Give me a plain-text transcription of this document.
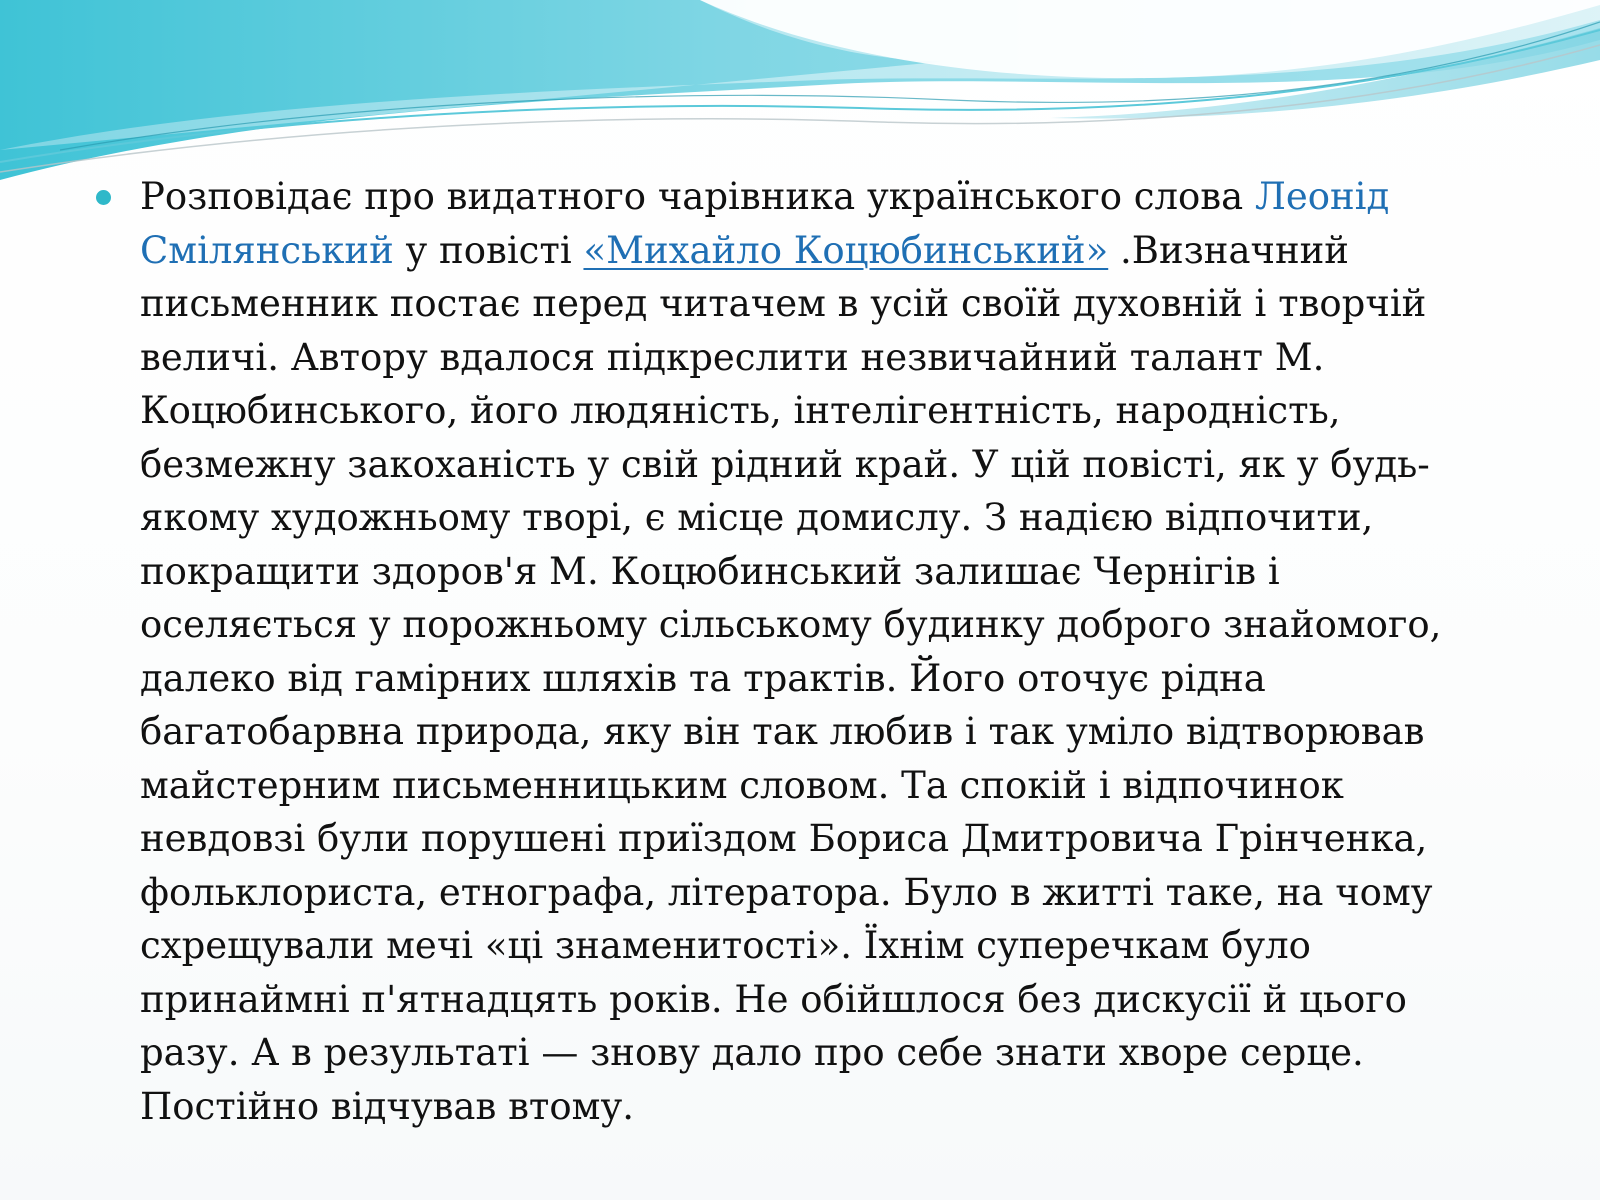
Розповідає про видатного чарівника українського слова Леонід Смілянський у повісті «Михайло Коцюбинський» .Визначний письменник постає перед читачем в усій своїй духовній і творчій величі. Автору вдалося підкреслити незвичайний талант М. Коцюбинського, його людяність, інтелігентність, народність, безмежну закоханість у свій рідний край. У цій повісті, як у будь-якому художньому творі, є місце домислу. З надією відпочити, покращити здоров'я М. Коцюбинський залишає Чернігів і оселяється у порожньому сільському будинку доброго знайомого, далеко від гамірних шляхів та трактів. Його оточує рідна багатобарвна природа, яку він так любив і так уміло відтворював майстерним письменницьким словом. Та спокій і відпочинок невдовзі були порушені приїздом Бориса Дмитровича Грінченка, фольклориста, етнографа, літератора. Було в житті таке, на чому схрещували мечі «ці знаменитості». Їхнім суперечкам було принаймні п'ятнадцять років. Не обійшлося без дискусії й цього разу. А в результаті — знову дало про себе знати хворе серце. Постійно відчував втому.
